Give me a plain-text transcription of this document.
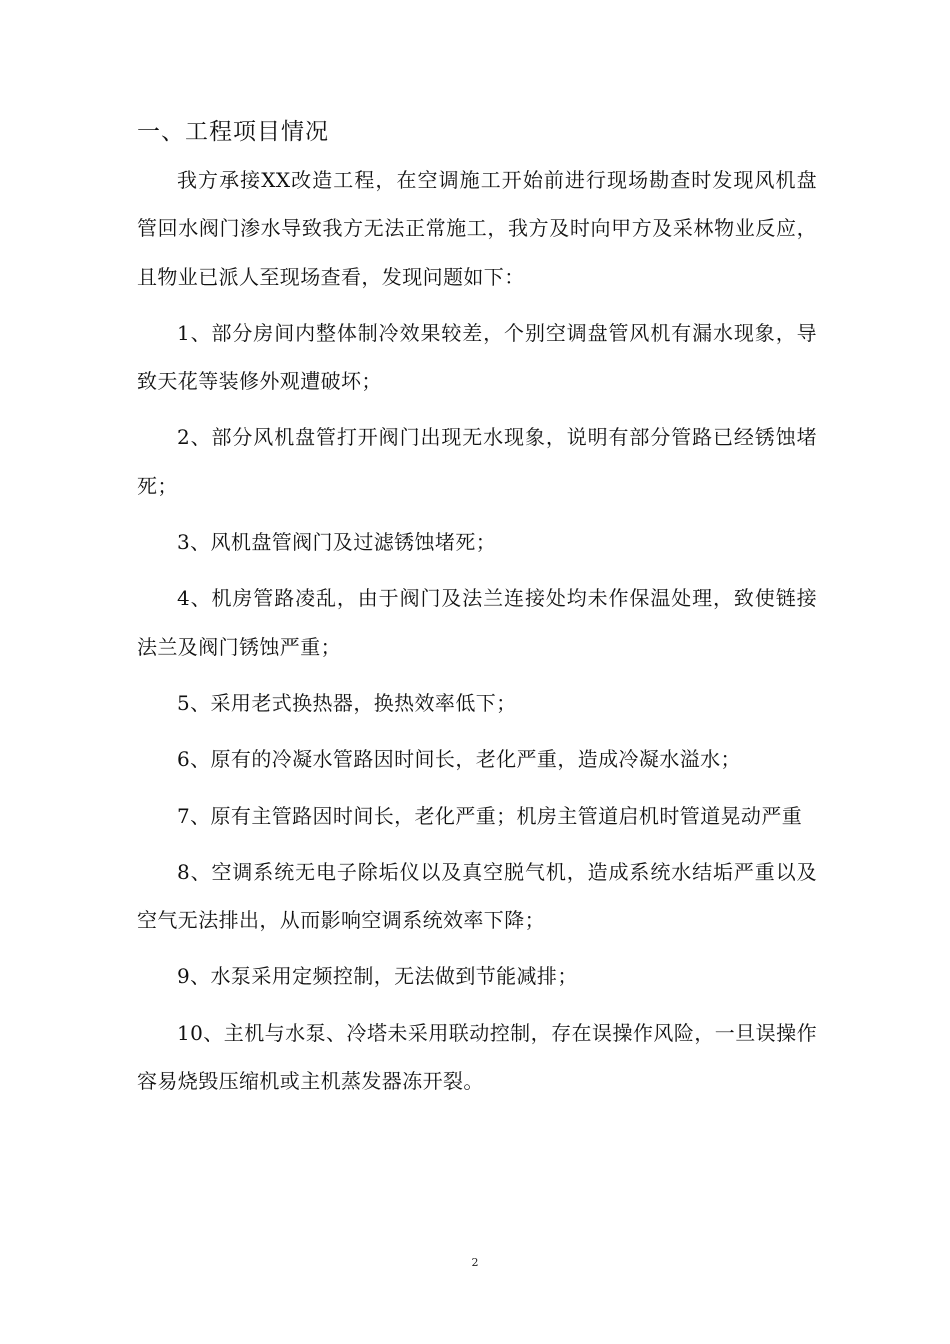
一、工程项目情况

我方承接XX改造工程，在空调施工开始前进行现场勘查时发现风机盘管回水阀门渗水导致我方无法正常施工，我方及时向甲方及采林物业反应，且物业已派人至现场查看，发现问题如下：

1、部分房间内整体制冷效果较差，个别空调盘管风机有漏水现象，导致天花等装修外观遭破坏；

2、部分风机盘管打开阀门出现无水现象，说明有部分管路已经锈蚀堵死；

3、风机盘管阀门及过滤锈蚀堵死；

4、机房管路凌乱，由于阀门及法兰连接处均未作保温处理，致使链接法兰及阀门锈蚀严重；

5、采用老式换热器，换热效率低下；

6、原有的冷凝水管路因时间长，老化严重，造成冷凝水溢水；

7、原有主管路因时间长，老化严重；机房主管道启机时管道晃动严重

8、空调系统无电子除垢仪以及真空脱气机，造成系统水结垢严重以及空气无法排出，从而影响空调系统效率下降；

9、水泵采用定频控制，无法做到节能减排；

10、主机与水泵、冷塔未采用联动控制，存在误操作风险，一旦误操作容易烧毁压缩机或主机蒸发器冻开裂。

2
